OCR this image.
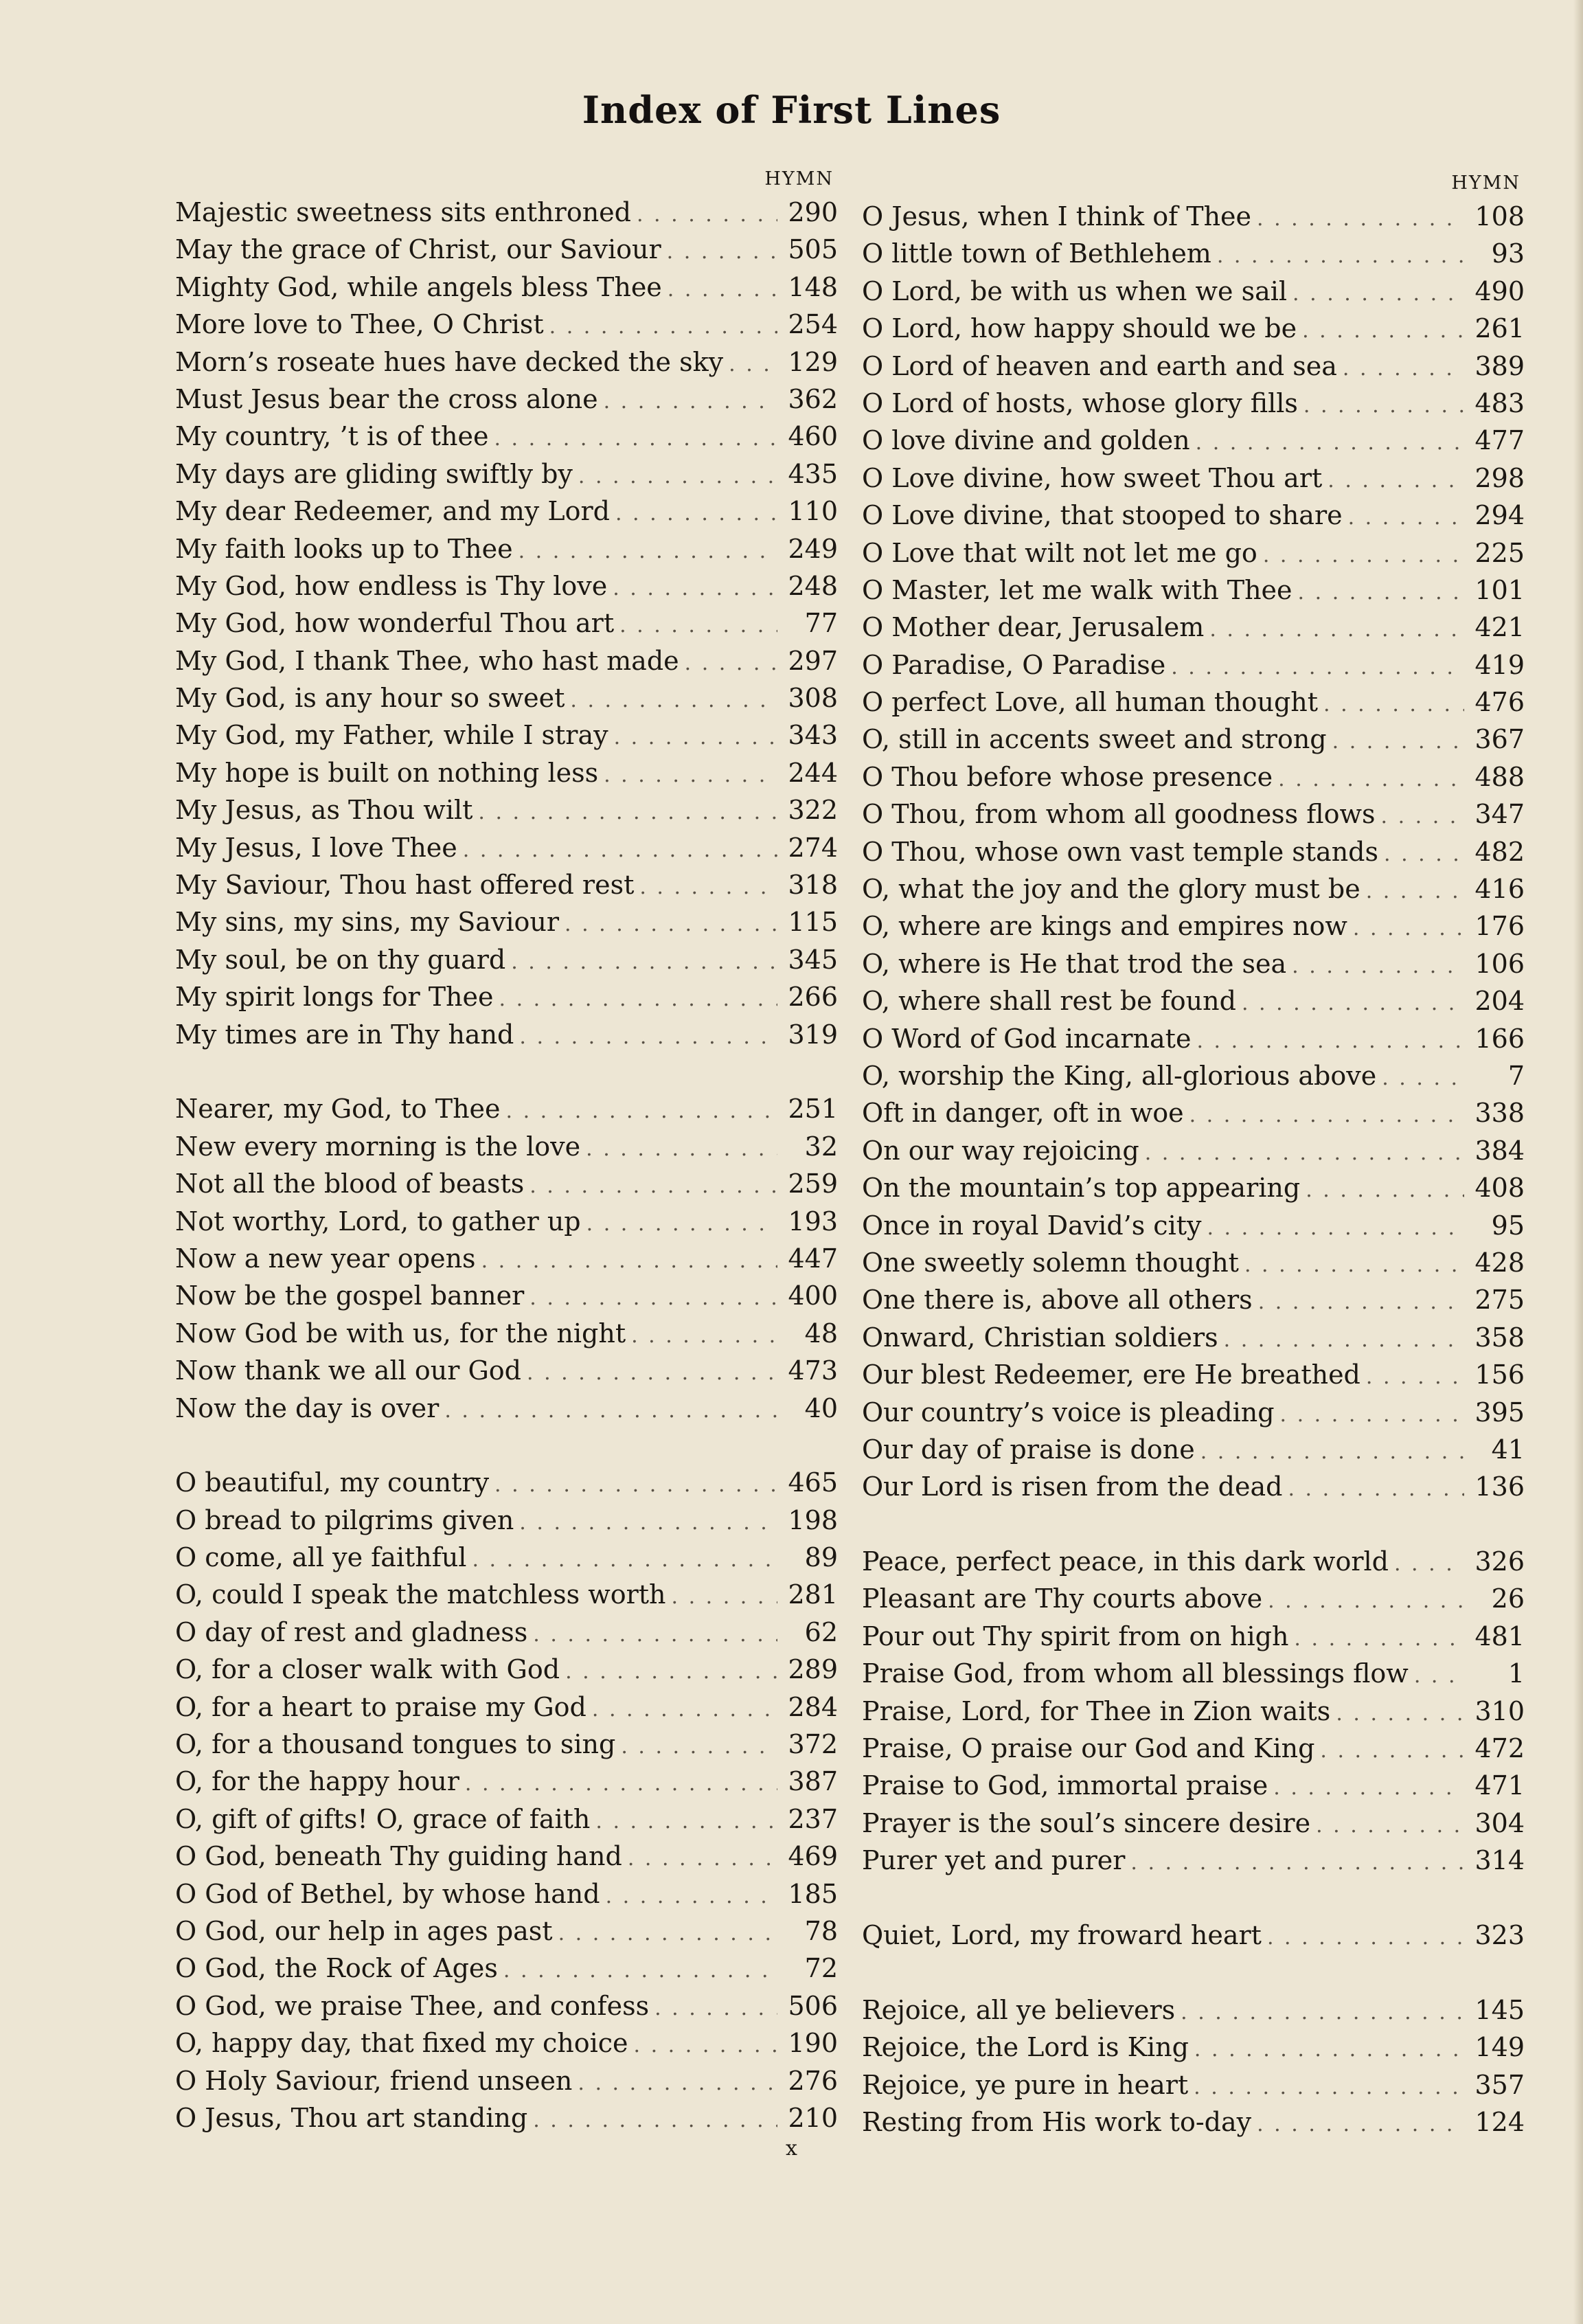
Index of First Lines
HYMN
Majestic sweetness sits enthroned . . .	290
May the grace of Christ, our Saviour . . .	505
Mighty God, while angels bless Thee . . .	148
More love to Thee, O Christ . . .	254
Morn’s roseate hues have decked the sky . . . 129
Must Jesus bear the cross alone . . .	362
My country, ’t is of thee . . .	460
My days are gliding swiftly by . . .	435
My dear Redeemer, and my Lord . . .	110
My faith looks up to Thee . . .	249
My God, how endless is Thy love . . .	248
My God, how wonderful Thou art . . .	77
My God, I thank Thee, who hast made . . .	297
My God, is any hour so sweet . . .	308
My God, my Father, while I stray . . .	343
My hope is built on nothing less . . .	244
My Jesus, as Thou wilt . . .	322
My Jesus, I love Thee . . .	274
My Saviour, Thou hast offered rest . . .	318
My sins, my sins, my Saviour . . .	115
My soul, be on thy guard . . .	345
My spirit longs for Thee . . .	266
My times are in Thy hand . . .	319
Nearer, my God, to Thee . . .	251
New every morning is the love . . .	32
Not all the blood of beasts . . .	259
Not worthy, Lord, to gather up . . .	193
Now a new year opens . . .	447
Now be the gospel banner . . .	400
Now God be with us, for the night . . .	48
Now thank we all our God . . .	473
Now the day is over . . .	40
O beautiful, my country . . .	465
O bread to pilgrims given . . .	198
O come, all ye faithful . . .	89
O, could I speak the matchless worth . . .	281
O day of rest and gladness . . .	62
O, for a closer walk with God . . .	289
O, for a heart to praise my God . . .	284
O, for a thousand tongues to sing . . .	372
O, for the happy hour . . .	387
O, gift of gifts! O, grace of faith . . .	237
O God, beneath Thy guiding hand . . .	469
O God of Bethel, by whose hand . . .	185
O God, our help in ages past . . .	78
O God, the Rock of Ages . . .	72
O God, we praise Thee, and confess . . .	506
O, happy day, that fixed my choice . . .	190
O Holy Saviour, friend unseen . . .	276
O Jesus, Thou art standing . . .	210
HYMN
O Jesus, when I think of Thee . . .	108
O little town of Bethlehem . . .	93
O Lord, be with us when we sail . . .	490
O Lord, how happy should we be . . .	261
O Lord of heaven and earth and sea . . .	389
O Lord of hosts, whose glory fills . . .	483
O love divine and golden . . .	477
O Love divine, how sweet Thou art . . .	298
O Love divine, that stooped to share . . .	294
O Love that wilt not let me go . . .	225
O Master, let me walk with Thee . . .	101
O Mother dear, Jerusalem . . .	421
O Paradise, O Paradise . . .	419
O perfect Love, all human thought . . .	476
O, still in accents sweet and strong . . .	367
O Thou before whose presence . . .	488
O Thou, from whom all goodness flows . . .	347
O Thou, whose own vast temple stands . . .	482
O, what the joy and the glory must be . . .	416
O, where are kings and empires now . . .	176
O, where is He that trod the sea . . .	106
O, where shall rest be found . . .	204
O Word of God incarnate . . .	166
O, worship the King, all-glorious above . . .	7
Oft in danger, oft in woe . . .	338
On our way rejoicing . . .	384
On the mountain’s top appearing . . .	408
Once in royal David’s city . . .	95
One sweetly solemn thought . . .	428
One there is, above all others . . .	275
Onward, Christian soldiers . . .	358
Our blest Redeemer, ere He breathed . . .	156
Our country’s voice is pleading . . .	395
Our day of praise is done . . .	41
Our Lord is risen from the dead . . .	136
Peace, perfect peace, in this dark world . . .	326
Pleasant are Thy courts above . . .	26
Pour out Thy spirit from on high . . .	481
Praise God, from whom all blessings flow . . .	1
Praise, Lord, for Thee in Zion waits . . .	310
Praise, O praise our God and King . . .	472
Praise to God, immortal praise . . .	471
Prayer is the soul’s sincere desire . . .	304
Purer yet and purer . . .	314
Quiet, Lord, my froward heart . . .	323
Rejoice, all ye believers . . .	145
Rejoice, the Lord is King . . .	149
Rejoice, ye pure in heart . . .	357
Resting from His work to-day . . .	124
x
